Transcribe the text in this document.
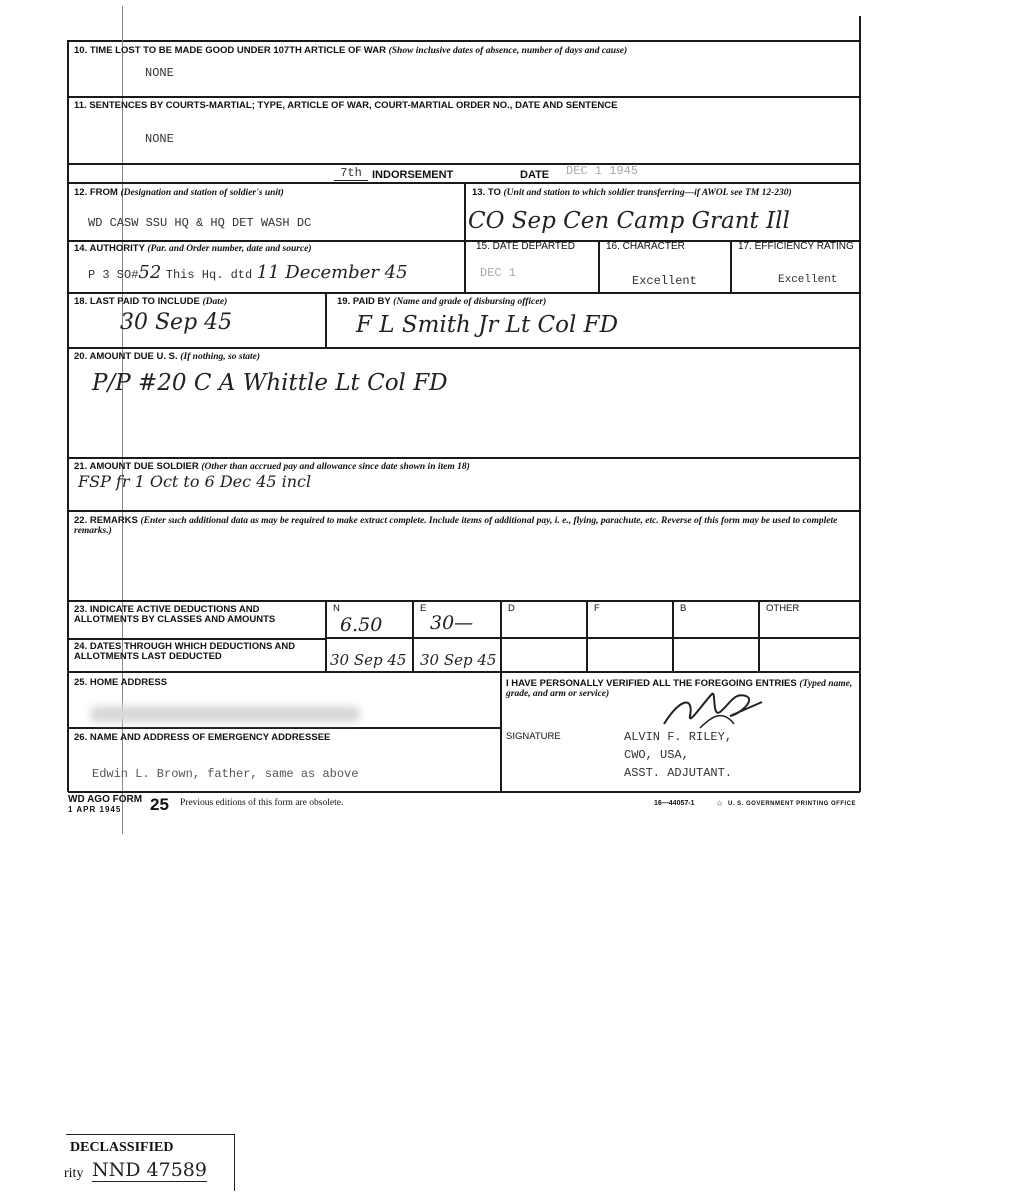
10. TIME LOST TO BE MADE GOOD UNDER 107TH ARTICLE OF WAR (Show inclusive dates of absence, number of days and cause)
NONE
11. SENTENCES BY COURTS-MARTIAL; TYPE, ARTICLE OF WAR, COURT-MARTIAL ORDER NO., DATE AND SENTENCE
NONE
7th INDORSEMENT	DATE DEC 1 1945
12. FROM (Designation and station of soldier's unit)
WD CASW SSU HQ & HQ DET WASH DC
13. TO (Unit and station to which soldier transferring—if AWOL see TM 12-230)
CO Sep Cen Camp Grant Ill
14. AUTHORITY (Par. and Order number, date and source)
P 3 SO#52 This Hq. dtd 11 December 45
15. DATE DEPARTED
DEC 1
16. CHARACTER
Excellent
17. EFFICIENCY RATING
Excellent
18. LAST PAID TO INCLUDE (Date)
30 Sep 45
19. PAID BY (Name and grade of disbursing officer)
F L Smith Jr Lt Col FD
20. AMOUNT DUE U. S. (If nothing, so state)
P/P #20 C A Whittle Lt Col FD
21. AMOUNT DUE SOLDIER (Other than accrued pay and allowance since date shown in item 18)
FSP fr 1 Oct to 6 Dec 45 incl
22. REMARKS (Enter such additional data as may be required to make extract complete. Include items of additional pay, i. e., flying, parachute, etc. Reverse of this form may be used to complete remarks.)
23. INDICATE ACTIVE DEDUCTIONS AND ALLOTMENTS BY CLASSES AND AMOUNTS
24. DATES THROUGH WHICH DEDUCTIONS AND ALLOTMENTS LAST DEDUCTED
N	E	D	F	B	OTHER
6.50	30—
30 Sep 45 30 Sep 45
25. HOME ADDRESS
26. NAME AND ADDRESS OF EMERGENCY ADDRESSEE
Edwin L. Brown, father, same as above
I HAVE PERSONALLY VERIFIED ALL THE FOREGOING ENTRIES (Typed name, grade, and arm or service)
SIGNATURE	ALVIN F. RILEY,
CWO, USA,
ASST. ADJUTANT.
WD AGO FORM
1 APR 1945	25 Previous editions of this form are obsolete.	16—44057-1	☆ U. S. GOVERNMENT PRINTING OFFICE
DECLASSIFIED
rity NND 47589
